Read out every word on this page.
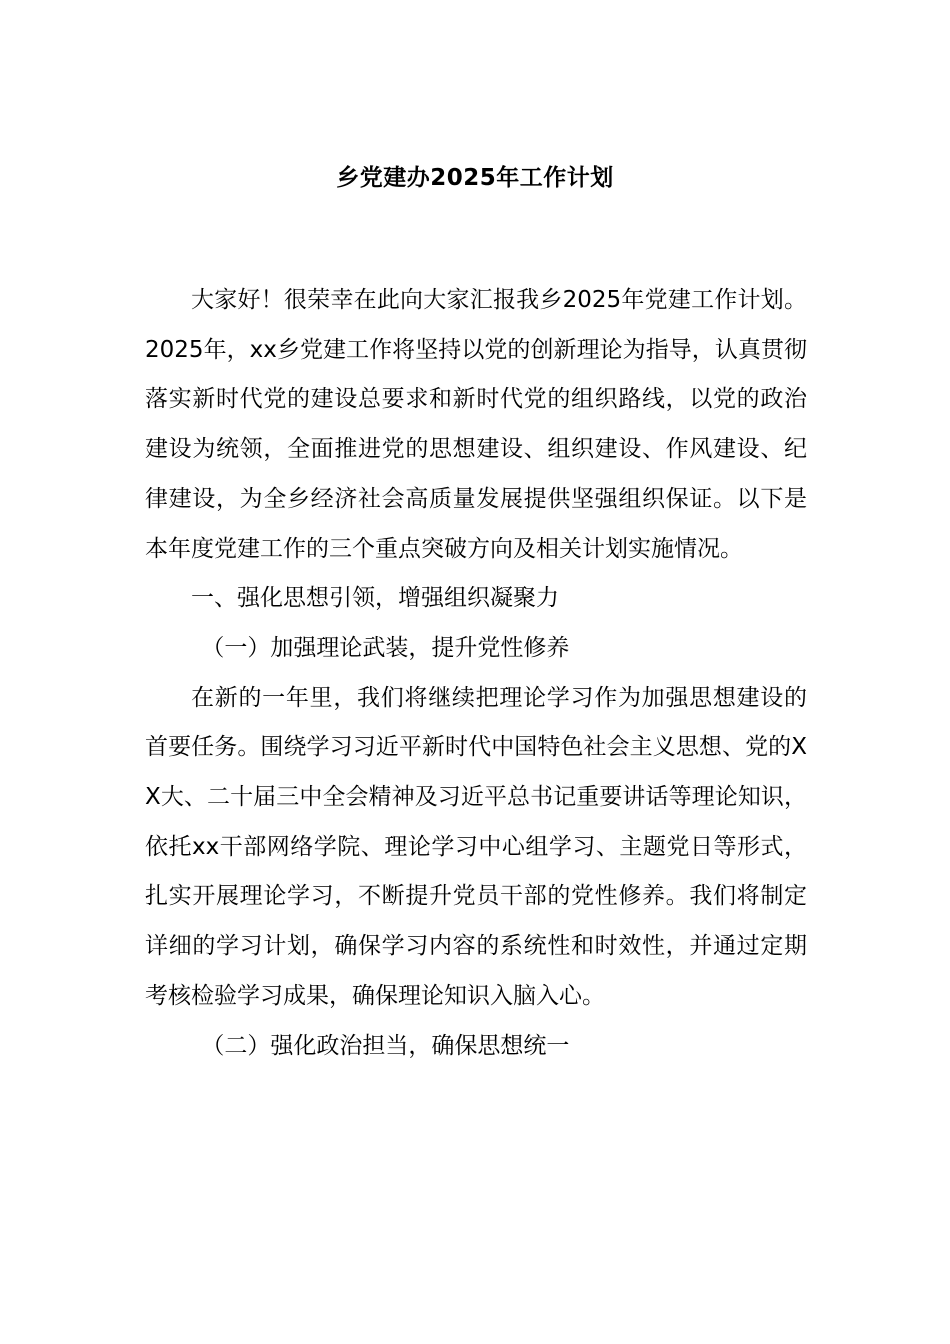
乡党建办2025年工作计划

大家好！很荣幸在此向大家汇报我乡2025年党建工作计划。2025年，xx乡党建工作将坚持以党的创新理论为指导，认真贯彻落实新时代党的建设总要求和新时代党的组织路线，以党的政治建设为统领，全面推进党的思想建设、组织建设、作风建设、纪律建设，为全乡经济社会高质量发展提供坚强组织保证。以下是本年度党建工作的三个重点突破方向及相关计划实施情况。

一、强化思想引领，增强组织凝聚力

（一）加强理论武装，提升党性修养

在新的一年里，我们将继续把理论学习作为加强思想建设的首要任务。围绕学习习近平新时代中国特色社会主义思想、党的XX大、二十届三中全会精神及习近平总书记重要讲话等理论知识，依托xx干部网络学院、理论学习中心组学习、主题党日等形式，扎实开展理论学习，不断提升党员干部的党性修养。我们将制定详细的学习计划，确保学习内容的系统性和时效性，并通过定期考核检验学习成果，确保理论知识入脑入心。

（二）强化政治担当，确保思想统一
